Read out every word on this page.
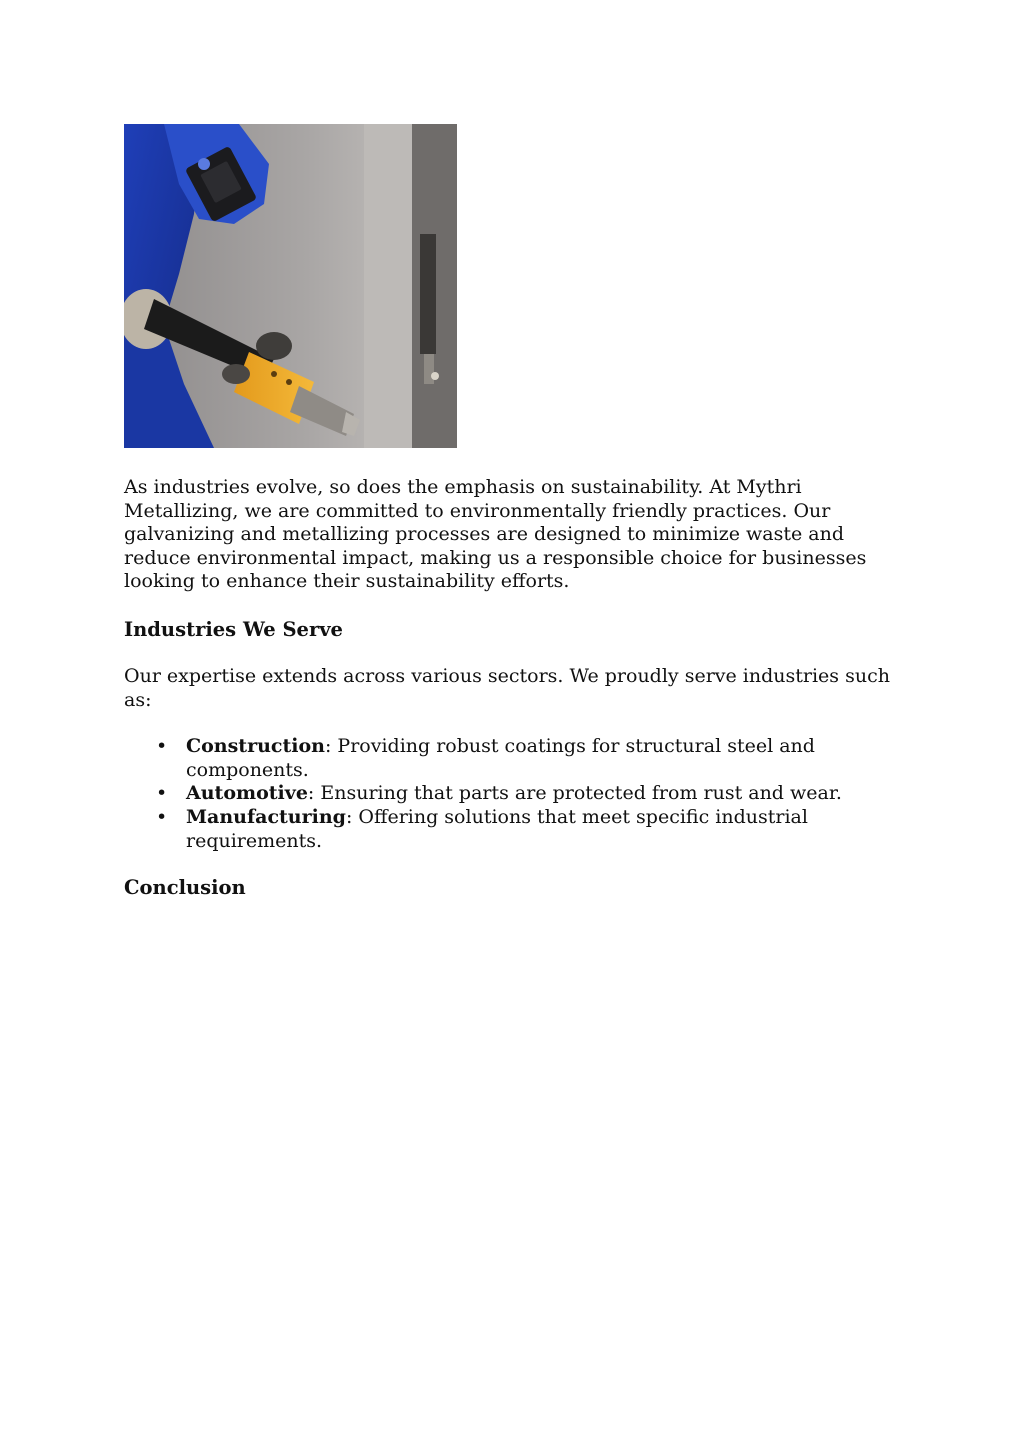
As industries evolve, so does the emphasis on sustainability. At Mythri Metallizing, we are committed to environmentally friendly practices. Our galvanizing and metallizing processes are designed to minimize waste and reduce environmental impact, making us a responsible choice for businesses looking to enhance their sustainability efforts.

Industries We Serve

Our expertise extends across various sectors. We proudly serve industries such as:

• Construction: Providing robust coatings for structural steel and components.
• Automotive: Ensuring that parts are protected from rust and wear.
• Manufacturing: Offering solutions that meet specific industrial requirements.
Conclusion
